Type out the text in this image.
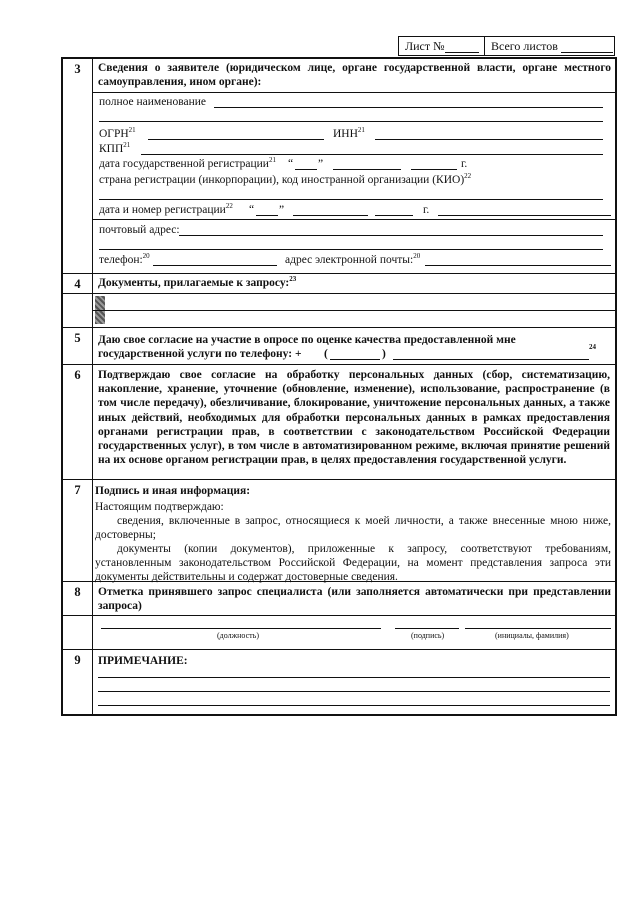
Лист №	Всего листов
3	Сведения о заявителе (юридическом лице, органе государственной власти, органе местного самоуправления, ином органе):
полное наименование
ОГРН$^{21}$	ИНН$^{21}$
КПП$^{21}$
дата государственной регистрации$^{21}$ “ ”	г.
страна регистрации (инкорпорации), код иностранной организации (КИО)$^{22}$
дата и номер регистрации$^{22}$ “ ”	г.
почтовый адрес:
телефон:$^{20}$	адрес электронной почты:$^{20}$
4	Документы, прилагаемые к запросу:$^{23}$
5	Даю свое согласие на участие в опросе по оценке качества предоставленной мне
государственной услуги по телефону: + (	)
24
6	Подтверждаю свое согласие на обработку персональных данных (сбор, систематизацию, накопление, хранение, уточнение (обновление, изменение), использование, распространение (в том числе передачу), обезличивание, блокирование, уничтожение персональных данных, а также иных действий, необходимых для обработки персональных данных в рамках предоставления органами регистрации прав, в соответствии с законодательством Российской Федерации государственных услуг), в том числе в автоматизированном режиме, включая принятие решений на их основе органом регистрации прав, в целях предоставления государственной услуги.
7	Подпись и иная информация:
Настоящим подтверждаю:
сведения, включенные в запрос, относящиеся к моей личности, а также внесенные мною ниже, достоверны;
документы (копии документов), приложенные к запросу, соответствуют требованиям, установленным законодательством Российской Федерации, на момент представления запроса эти документы действительны и содержат достоверные сведения.
8	Отметка принявшего запрос специалиста (или заполняется автоматически при представлении запроса)
(должность)	(подпись)	(инициалы, фамилия)
9	ПРИМЕЧАНИЕ:
